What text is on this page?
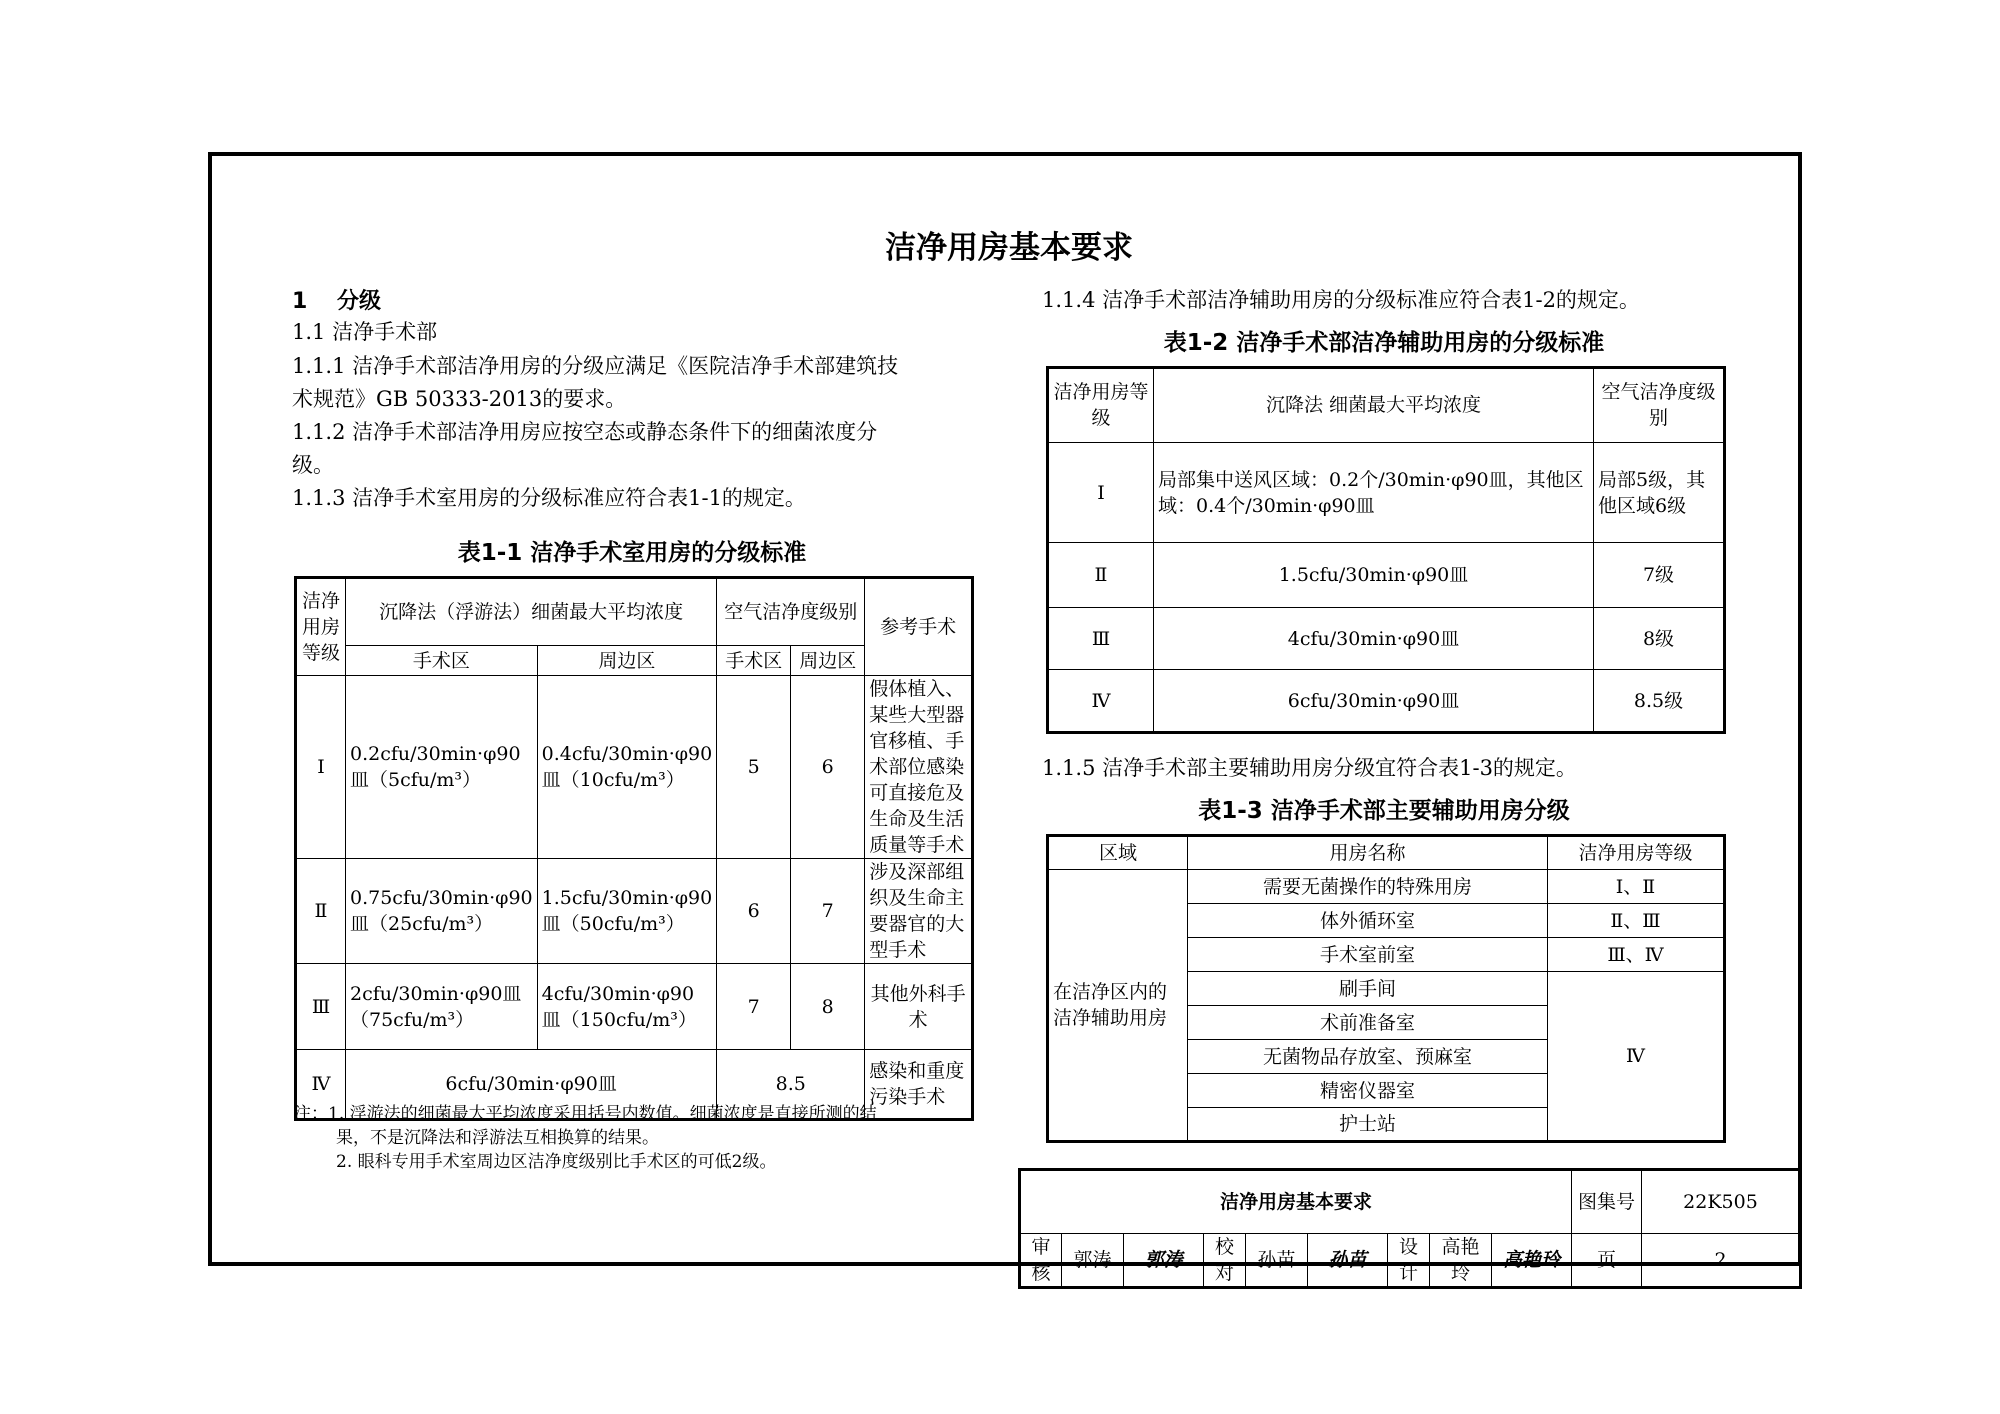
洁净用房基本要求
1　 分级
1.1 洁净手术部
1.1.1 洁净手术部洁净用房的分级应满足《医院洁净手术部建筑技
术规范》GB 50333-2013的要求。
1.1.2 洁净手术部洁净用房应按空态或静态条件下的细菌浓度分
级。
1.1.3 洁净手术室用房的分级标准应符合表1-1的规定。
表1-1 洁净手术室用房的分级标准
洁净用房等级	沉降法（浮游法）细菌最大平均浓度		空气洁净度级别		参考手术
	手术区	周边区	手术区	周边区	
Ⅰ	0.2cfu/30min·φ90皿（5cfu/m³）	0.4cfu/30min·φ90皿（10cfu/m³）	5	6	假体植入、某些大型器官移植、手术部位感染可直接危及生命及生活质量等手术
Ⅱ	0.75cfu/30min·φ90皿（25cfu/m³）	1.5cfu/30min·φ90皿（50cfu/m³）	6	7	涉及深部组织及生命主要器官的大型手术
Ⅲ	2cfu/30min·φ90皿（75cfu/m³）	4cfu/30min·φ90皿（150cfu/m³）	7	8	其他外科手术
Ⅳ	6cfu/30min·φ90皿		8.5		感染和重度污染手术
注：1. 浮游法的细菌最大平均浓度采用括号内数值。细菌浓度是直接所测的结
果，不是沉降法和浮游法互相换算的结果。
2. 眼科专用手术室周边区洁净度级别比手术区的可低2级。
1.1.4 洁净手术部洁净辅助用房的分级标准应符合表1-2的规定。
表1-2 洁净手术部洁净辅助用房的分级标准
洁净用房等级	沉降法 细菌最大平均浓度	空气洁净度级别
Ⅰ	局部集中送风区域：0.2个/30min·φ90皿，其他区域：0.4个/30min·φ90皿	局部5级，其他区域6级
Ⅱ	1.5cfu/30min·φ90皿	7级
Ⅲ	4cfu/30min·φ90皿	8级
Ⅳ	6cfu/30min·φ90皿	8.5级
1.1.5 洁净手术部主要辅助用房分级宜符合表1-3的规定。
表1-3 洁净手术部主要辅助用房分级
区域	用房名称	洁净用房等级
在洁净区内的洁净辅助用房	需要无菌操作的特殊用房	Ⅰ、Ⅱ
	体外循环室	Ⅱ、Ⅲ
	手术室前室	Ⅲ、Ⅳ
	刷手间	Ⅳ
	术前准备室	
	无菌物品存放室、预麻室	
	精密仪器室	
	护士站	
洁净用房基本要求									图集号	22K505
审核	郭涛	郭涛	校对	孙苗	孙苗	设计	高艳玲	高艳玲	页	2
